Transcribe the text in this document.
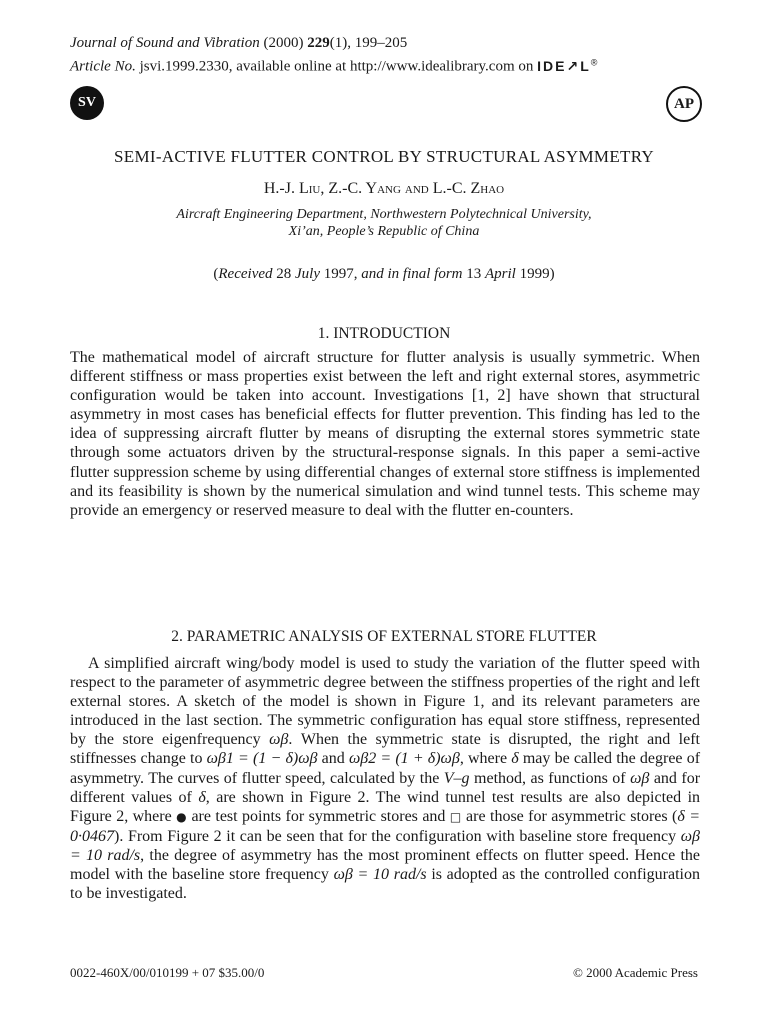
Journal of Sound and Vibration (2000) 229(1), 199–205
Article No. jsvi.1999.2330, available online at http://www.idealibrary.com on IDE↗L®
SV	AP
SEMI-ACTIVE FLUTTER CONTROL BY STRUCTURAL ASYMMETRY
H.-J. Liu, Z.-C. Yang and L.-C. Zhao
Aircraft Engineering Department, Northwestern Polytechnical University,
Xi’an, People’s Republic of China
(Received 28 July 1997, and in final form 13 April 1999)
1. INTRODUCTION
The mathematical model of aircraft structure for flutter analysis is usually symmetric. When different stiffness or mass properties exist between the left and right external stores, asymmetric configuration would be taken into account. Investigations [1, 2] have shown that structural asymmetry in most cases has beneficial effects for flutter prevention. This finding has led to the idea of suppressing aircraft flutter by means of disrupting the external stores symmetric state through some actuators driven by the structural-response signals. In this paper a semi-active flutter suppression scheme by using differential changes of external store stiffness is implemented and its feasibility is shown by the numerical simulation and wind tunnel tests. This scheme may provide an emergency or reserved measure to deal with the flutter en-counters.
2. PARAMETRIC ANALYSIS OF EXTERNAL STORE FLUTTER
A simplified aircraft wing/body model is used to study the variation of the flutter speed with respect to the parameter of asymmetric degree between the stiffness properties of the right and left external stores. A sketch of the model is shown in Figure 1, and its relevant parameters are introduced in the last section. The symmetric configuration has equal store stiffness, represented by the store eigenfrequency ωβ. When the symmetric state is disrupted, the right and left stiffnesses change to ωβ1 = (1 − δ)ωβ and ωβ2 = (1 + δ)ωβ, where δ may be called the degree of asymmetry. The curves of flutter speed, calculated by the V–g method, as functions of ωβ and for different values of δ, are shown in Figure 2. The wind tunnel test results are also depicted in Figure 2, where ● are test points for symmetric stores and □ are those for asymmetric stores (δ = 0·0467). From Figure 2 it can be seen that for the configuration with baseline store frequency ωβ = 10 rad/s, the degree of asymmetry has the most prominent effects on flutter speed. Hence the model with the baseline store frequency ωβ = 10 rad/s is adopted as the controlled configuration to be investigated.
0022-460X/00/010199 + 07 $35.00/0	© 2000 Academic Press
